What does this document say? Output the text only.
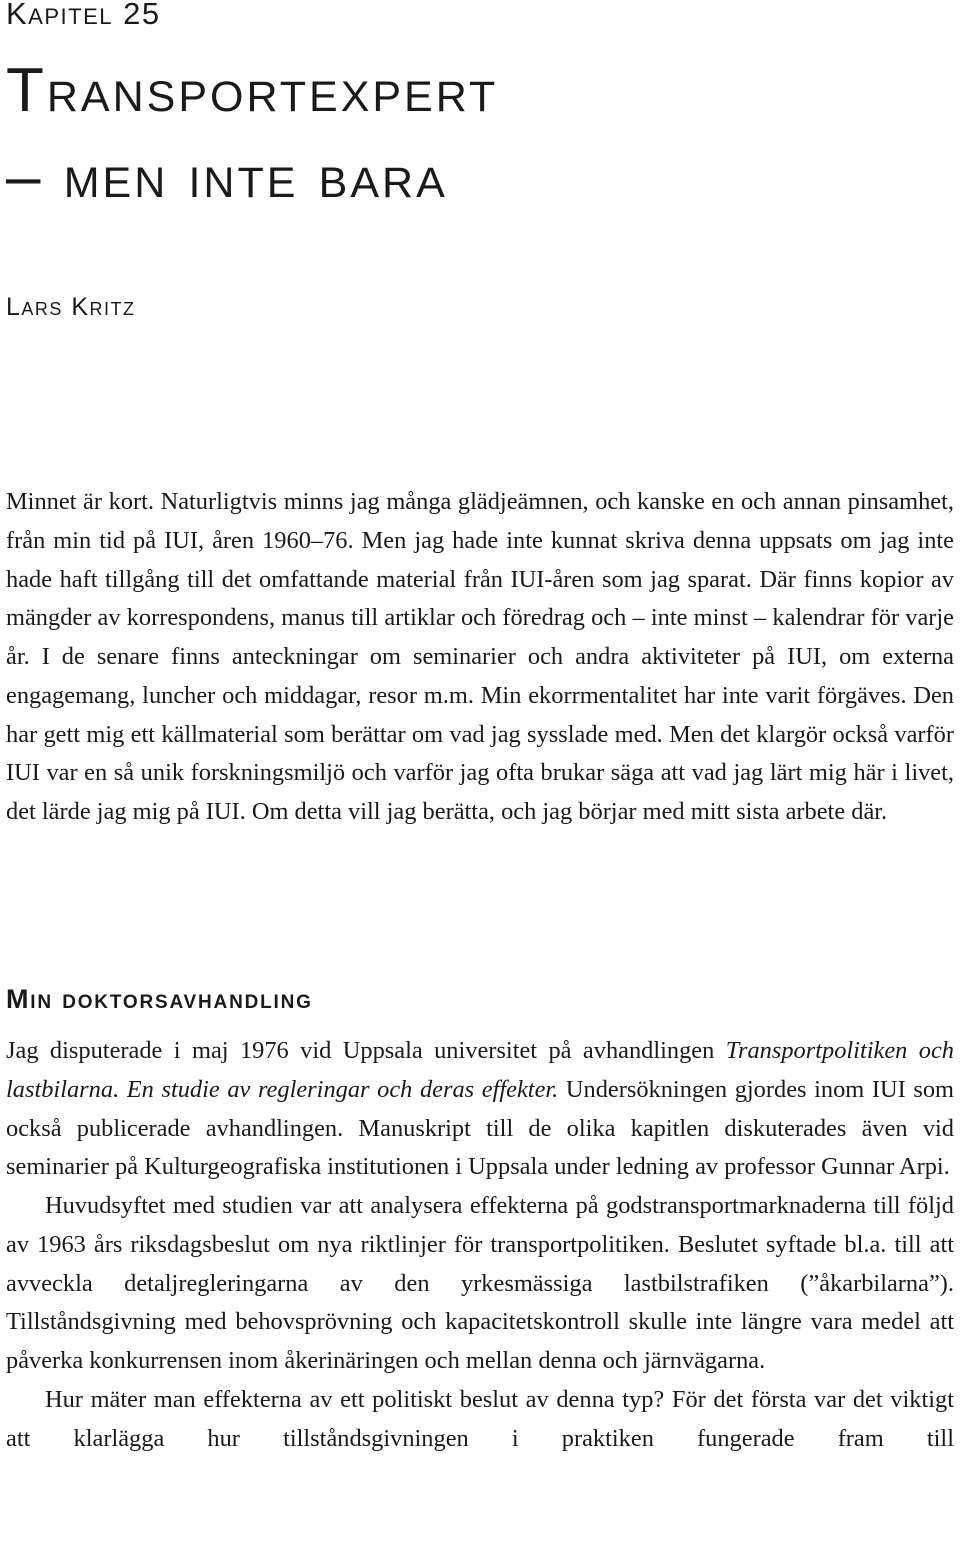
Kapitel 25
Transportexpert
– men inte bara
Lars Kritz

Minnet är kort. Naturligtvis minns jag många glädjeämnen, och kanske en och annan pinsamhet, från min tid på IUI, åren 1960–76. Men jag hade inte kunnat skriva denna uppsats om jag inte hade haft tillgång till det omfattande material från IUI-åren som jag sparat. Där finns kopior av mängder av korrespondens, manus till artiklar och föredrag och – inte minst – kalendrar för varje år. I de senare finns anteckningar om seminarier och andra aktiviteter på IUI, om externa engagemang, luncher och middagar, resor m.m. Min ekorrmentalitet har inte varit förgäves. Den har gett mig ett källmaterial som berättar om vad jag sysslade med. Men det klargör också varför IUI var en så unik forskningsmiljö och varför jag ofta brukar säga att vad jag lärt mig här i livet, det lärde jag mig på IUI. Om detta vill jag berätta, och jag börjar med mitt sista arbete där.

Min doktorsavhandling

Jag disputerade i maj 1976 vid Uppsala universitet på avhandlingen Transportpolitiken och lastbilarna. En studie av regleringar och deras effekter. Undersökningen gjordes inom IUI som också publicerade avhandlingen. Manuskript till de olika kapitlen diskuterades även vid seminarier på Kulturgeografiska institutionen i Uppsala under ledning av professor Gunnar Arpi.

Huvudsyftet med studien var att analysera effekterna på godstransportmarknaderna till följd av 1963 års riksdagsbeslut om nya riktlinjer för transportpolitiken. Beslutet syftade bl.a. till att avveckla detaljregleringarna av den yrkesmässiga lastbilstrafiken (”åkarbilarna”). Tillståndsgivning med behovsprövning och kapacitetskontroll skulle inte längre vara medel att påverka konkurrensen inom åkerinäringen och mellan denna och järnvägarna.

Hur mäter man effekterna av ett politiskt beslut av denna typ? För det första var det viktigt att klarlägga hur tillståndsgivningen i praktiken fungerade fram till
